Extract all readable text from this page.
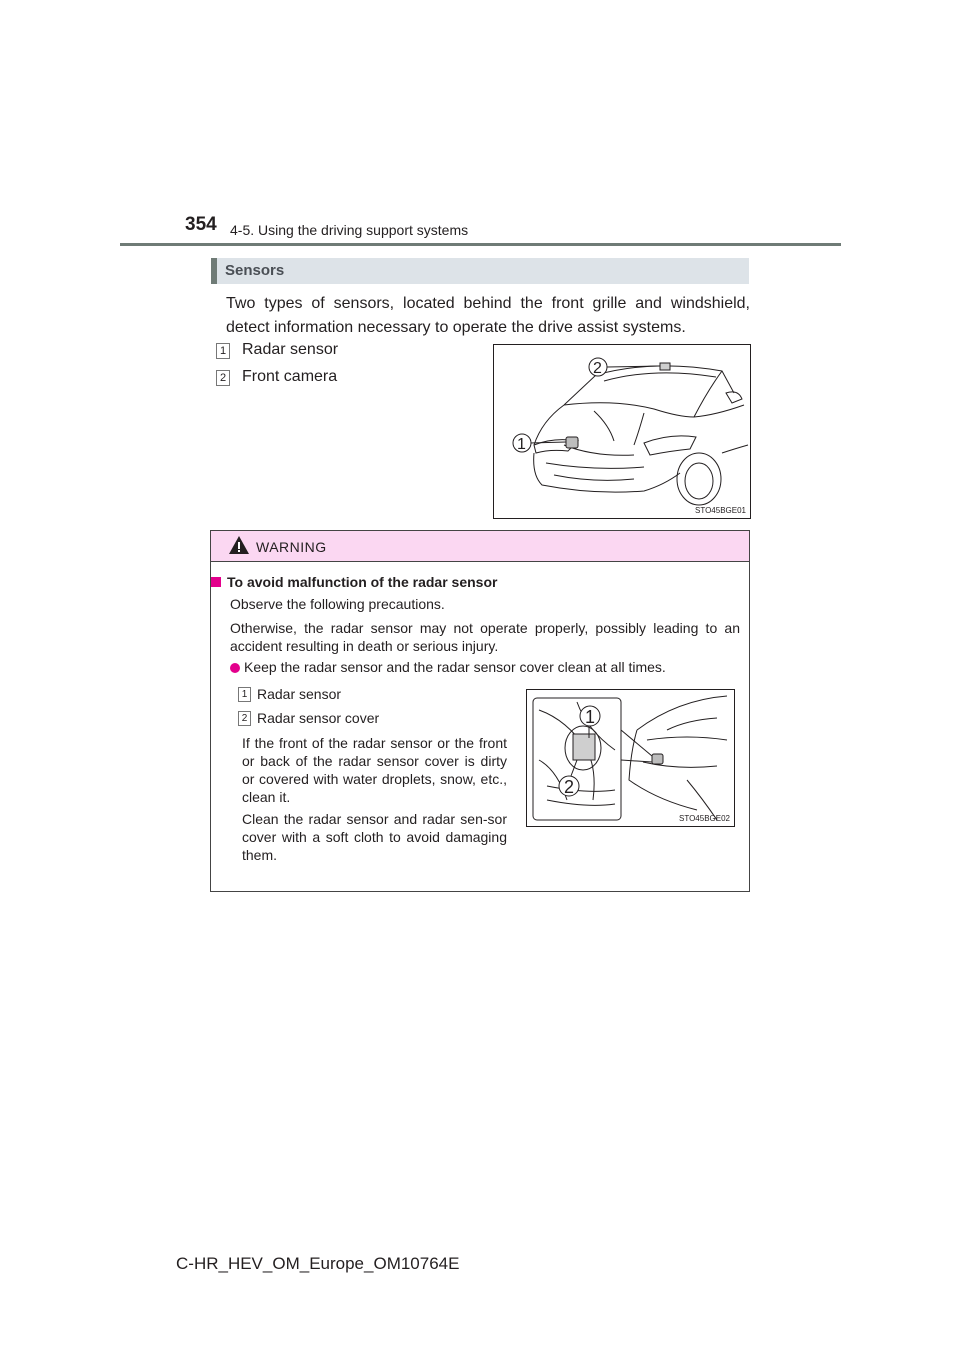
354 4-5. Using the driving support systems
Sensors
Two types of sensors, located behind the front grille and windshield, detect information necessary to operate the drive assist systems.
1 Radar sensor
2 Front camera	2
1
STO45BGE01
WARNING
To avoid malfunction of the radar sensor
Observe the following precautions.
Otherwise, the radar sensor may not operate properly, possibly leading to an accident resulting in death or serious injury.
Keep the radar sensor and the radar sensor cover clean at all times.
1 Radar sensor
2 Radar sensor cover
If the front of the radar sensor or the front or back of the radar sensor cover is dirty or covered with water droplets, snow, etc., clean it.
Clean the radar sensor and radar sen-sor cover with a soft cloth to avoid damaging them.
1
2
STO45BGE02
C-HR_HEV_OM_Europe_OM10764E
